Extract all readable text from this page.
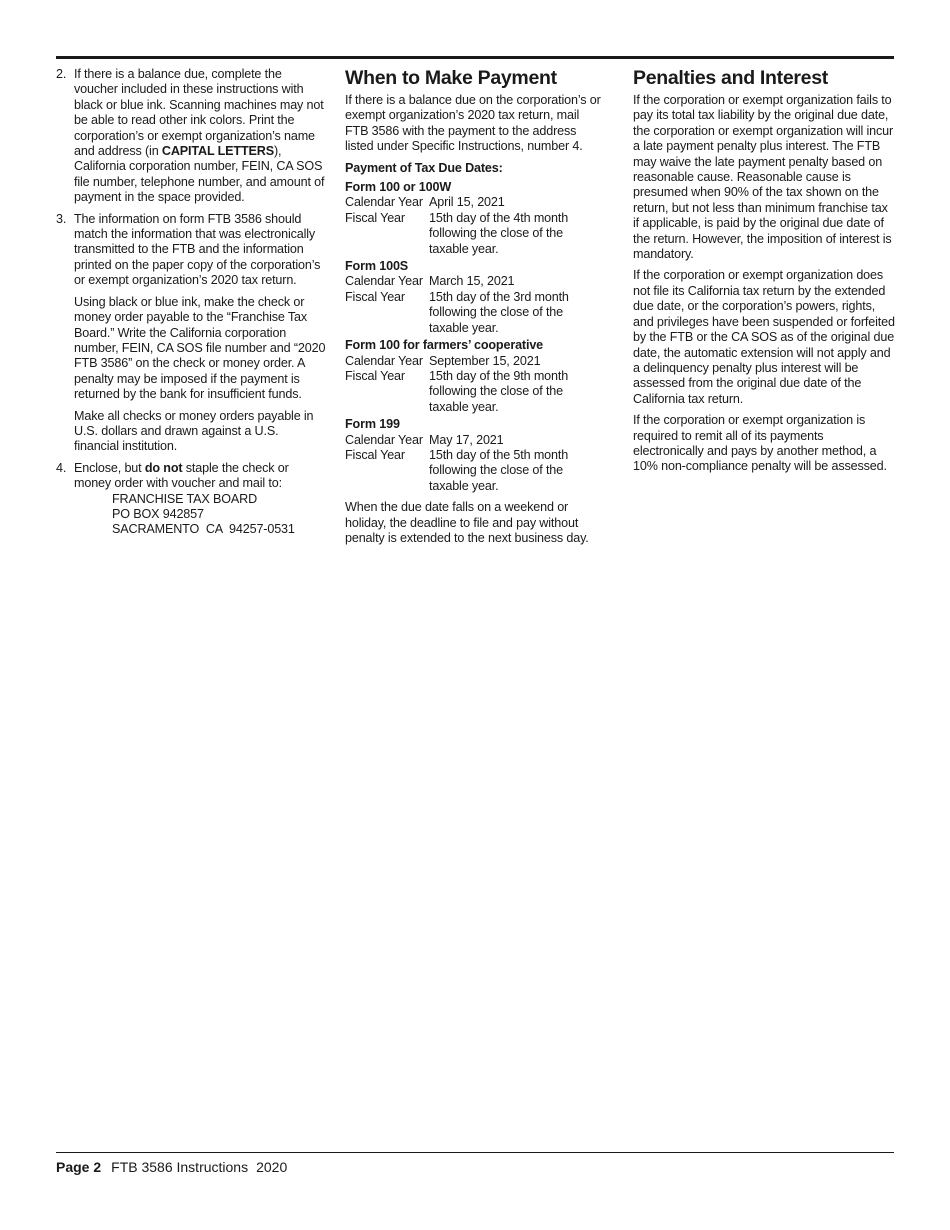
2. If there is a balance due, complete the voucher included in these instructions with black or blue ink. Scanning machines may not be able to read other ink colors. Print the corporation’s or exempt organization’s name and address (in CAPITAL LETTERS), California corporation number, FEIN, CA SOS file number, telephone number, and amount of payment in the space provided.

3. The information on form FTB 3586 should match the information that was electronically transmitted to the FTB and the information printed on the paper copy of the corporation’s or exempt organization’s 2020 tax return.

Using black or blue ink, make the check or money order payable to the “Franchise Tax Board.” Write the California corporation number, FEIN, CA SOS file number and “2020 FTB 3586” on the check or money order. A penalty may be imposed if the payment is returned by the bank for insufficient funds.

Make all checks or money orders payable in U.S. dollars and drawn against a U.S. financial institution.

4. Enclose, but do not staple the check or money order with voucher and mail to:

FRANCHISE TAX BOARD
PO BOX 942857
SACRAMENTO  CA  94257-0531
When to Make Payment

If there is a balance due on the corporation’s or exempt organization’s 2020 tax return, mail FTB 3586 with the payment to the address listed under Specific Instructions, number 4.

Payment of Tax Due Dates:
Form 100 or 100W
Calendar Year April 15, 2021
Fiscal Year	15th day of the 4th month following the close of the taxable year.
Form 100S
Calendar Year March 15, 2021
Fiscal Year	15th day of the 3rd month following the close of the taxable year.
Form 100 for farmers’ cooperative
Calendar Year September 15, 2021
Fiscal Year	15th day of the 9th month following the close of the taxable year.
Form 199
Calendar Year May 17, 2021
Fiscal Year	15th day of the 5th month following the close of the taxable year.

When the due date falls on a weekend or holiday, the deadline to file and pay without penalty is extended to the next business day.

Penalties and Interest

If the corporation or exempt organization fails to pay its total tax liability by the original due date, the corporation or exempt organization will incur a late payment penalty plus interest. The FTB may waive the late payment penalty based on reasonable cause. Reasonable cause is presumed when 90% of the tax shown on the return, but not less than minimum franchise tax if applicable, is paid by the original due date of the return. However, the imposition of interest is mandatory.

If the corporation or exempt organization does not file its California tax return by the extended due date, or the corporation’s powers, rights, and privileges have been suspended or forfeited by the FTB or the CA SOS as of the original due date, the automatic extension will not apply and a delinquency penalty plus interest will be assessed from the original due date of the California tax return.

If the corporation or exempt organization is required to remit all of its payments electronically and pays by another method, a 10% non-compliance penalty will be assessed.

Page 2 FTB 3586 Instructions 2020
